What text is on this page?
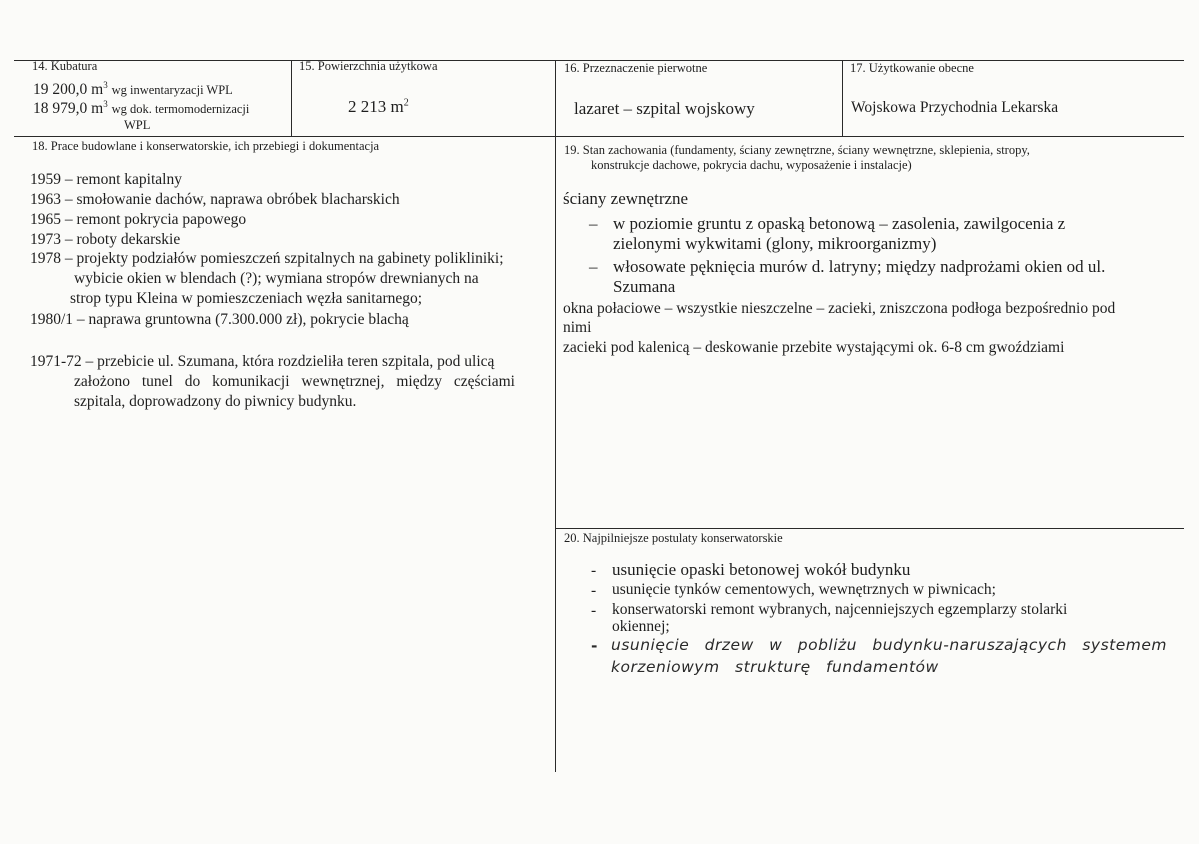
14. Kubatura
19 200,0 $m^3$ wg inwentaryzacji WPL
18 979,0 $m^3$ wg dok. termomodernizacji
WPL
15. Powierzchnia użytkowa
2 213 $m^2$
16. Przeznaczenie pierwotne
lazaret – szpital wojskowy
17. Użytkowanie obecne
Wojskowa Przychodnia Lekarska
18. Prace budowlane i konserwatorskie, ich przebiegi i dokumentacja
1959 – remont kapitalny
1963 – smołowanie dachów, naprawa obróbek blacharskich
1965 – remont pokrycia papowego
1973 – roboty dekarskie
1978 – projekty podziałów pomieszczeń szpitalnych na gabinety polikliniki;
wybicie okien w blendach (?); wymiana stropów drewnianych na
strop typu Kleina w pomieszczeniach węzła sanitarnego;
1980/1 – naprawa gruntowna (7.300.000 zł), pokrycie blachą
1971-72 – przebicie ul. Szumana, która rozdzieliła teren szpitala, pod ulicą
założono tunel do komunikacji wewnętrznej, między częściami
szpitala, doprowadzony do piwnicy budynku.
19. Stan zachowania (fundamenty, ściany zewnętrzne, ściany wewnętrzne, sklepienia, stropy,
konstrukcje dachowe, pokrycia dachu, wyposażenie i instalacje)
ściany zewnętrzne
– w poziomie gruntu z opaską betonową – zasolenia, zawilgocenia z
zielonymi wykwitami (glony, mikroorganizmy)
– włosowate pęknięcia murów d. latryny; między nadprożami okien od ul.
Szumana
okna połaciowe – wszystkie nieszczelne – zacieki, zniszczona podłoga bezpośrednio pod
nimi
zacieki pod kalenicą – deskowanie przebite wystającymi ok. 6-8 cm gwoździami
20. Najpilniejsze postulaty konserwatorskie
- usunięcie opaski betonowej wokół budynku
- usunięcie tynków cementowych, wewnętrznych w piwnicach;
- konserwatorski remont wybranych, najcenniejszych egzemplarzy stolarki
okiennej;
- usunięcie drzew w pobliżu budynku-naruszających systemem
korzeniowym strukturę fundamentów
